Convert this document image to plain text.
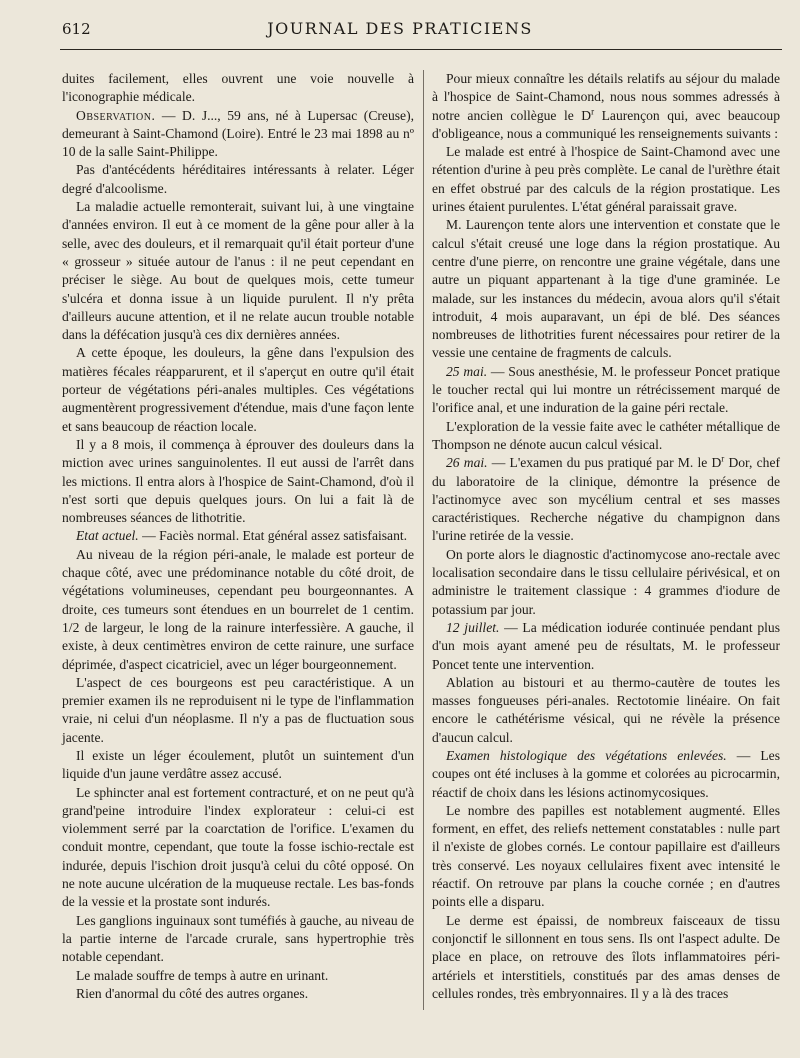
612	JOURNAL DES PRATICIENS

duites facilement, elles ouvrent une voie nouvelle à l'iconographie médicale.

Observation. — D. J..., 59 ans, né à Lupersac (Creuse), demeurant à Saint-Chamond (Loire). Entré le 23 mai 1898 au nº 10 de la salle Saint-Philippe.

Pas d'antécédents héréditaires intéressants à relater. Léger degré d'alcoolisme.

La maladie actuelle remonterait, suivant lui, à une vingtaine d'années environ. Il eut à ce moment de la gêne pour aller à la selle, avec des douleurs, et il remarquait qu'il était porteur d'une « grosseur » située autour de l'anus : il ne peut cependant en préciser le siège. Au bout de quelques mois, cette tumeur s'ulcéra et donna issue à un liquide purulent. Il n'y prêta d'ailleurs aucune attention, et il ne relate aucun trouble notable dans la défécation jusqu'à ces dix dernières années.

A cette époque, les douleurs, la gêne dans l'expulsion des matières fécales réapparurent, et il s'aperçut en outre qu'il était porteur de végétations péri-anales multiples. Ces végétations augmentèrent progressivement d'étendue, mais d'une façon lente et sans beaucoup de réaction locale.

Il y a 8 mois, il commença à éprouver des douleurs dans la miction avec urines sanguinolentes. Il eut aussi de l'arrêt dans les mictions. Il entra alors à l'hospice de Saint-Chamond, d'où il n'est sorti que depuis quelques jours. On lui a fait là de nombreuses séances de lithotritie.

Etat actuel. — Faciès normal. Etat général assez satisfaisant.

Au niveau de la région péri-anale, le malade est porteur de chaque côté, avec une prédominance notable du côté droit, de végétations volumineuses, cependant peu bourgeonnantes. A droite, ces tumeurs sont étendues en un bourrelet de 1 centim. 1/2 de largeur, le long de la rainure interfessière. A gauche, il existe, à deux centimètres environ de cette rainure, une surface déprimée, d'aspect cicatriciel, avec un léger bourgeonnement.

L'aspect de ces bourgeons est peu caractéristique. A un premier examen ils ne reproduisent ni le type de l'inflammation vraie, ni celui d'un néoplasme. Il n'y a pas de fluctuation sous jacente.

Il existe un léger écoulement, plutôt un suintement d'un liquide d'un jaune verdâtre assez accusé.

Le sphincter anal est fortement contracturé, et on ne peut qu'à grand'peine introduire l'index explorateur : celui-ci est violemment serré par la coarctation de l'orifice. L'examen du conduit montre, cependant, que toute la fosse ischio-rectale est indurée, depuis l'ischion droit jusqu'à celui du côté opposé. On ne note aucune ulcération de la muqueuse rectale. Les bas-fonds de la vessie et la prostate sont indurés.

Les ganglions inguinaux sont tuméfiés à gauche, au niveau de la partie interne de l'arcade crurale, sans hypertrophie très notable cependant.

Le malade souffre de temps à autre en urinant.

Rien d'anormal du côté des autres organes.

Pour mieux connaître les détails relatifs au séjour du malade à l'hospice de Saint-Chamond, nous nous sommes adressés à notre ancien collègue le $D^r$ Laurençon qui, avec beaucoup d'obligeance, nous a communiqué les renseignements suivants :

Le malade est entré à l'hospice de Saint-Chamond avec une rétention d'urine à peu près complète. Le canal de l'urèthre était en effet obstrué par des calculs de la région prostatique. Les urines étaient purulentes. L'état général paraissait grave.

M. Laurençon tente alors une intervention et constate que le calcul s'était creusé une loge dans la région prostatique. Au centre d'une pierre, on rencontre une graine végétale, dans une autre un piquant appartenant à la tige d'une graminée. Le malade, sur les instances du médecin, avoua alors qu'il s'était introduit, 4 mois auparavant, un épi de blé. Des séances nombreuses de lithotrities furent nécessaires pour retirer de la vessie une centaine de fragments de calculs.

25 mai. — Sous anesthésie, M. le professeur Poncet pratique le toucher rectal qui lui montre un rétrécissement marqué de l'orifice anal, et une induration de la gaine péri rectale.

L'exploration de la vessie faite avec le cathéter métallique de Thompson ne dénote aucun calcul vésical.

26 mai. — L'examen du pus pratiqué par M. le $D^r$ Dor, chef du laboratoire de la clinique, démontre la présence de l'actinomyce avec son mycélium central et ses masses caractéristiques. Recherche négative du champignon dans l'urine retirée de la vessie.

On porte alors le diagnostic d'actinomycose ano-rectale avec localisation secondaire dans le tissu cellulaire périvésical, et on administre le traitement classique : 4 grammes d'iodure de potassium par jour.

12 juillet. — La médication iodurée continuée pendant plus d'un mois ayant amené peu de résultats, M. le professeur Poncet tente une intervention.

Ablation au bistouri et au thermo-cautère de toutes les masses fongueuses péri-anales. Rectotomie linéaire. On fait encore le cathétérisme vésical, qui ne révèle la présence d'aucun calcul.

Examen histologique des végétations enlevées. — Les coupes ont été incluses à la gomme et colorées au picrocarmin, réactif de choix dans les lésions actinomycosiques.

Le nombre des papilles est notablement augmenté. Elles forment, en effet, des reliefs nettement constatables : nulle part il n'existe de globes cornés. Le contour papillaire est d'ailleurs très conservé. Les noyaux cellulaires fixent avec intensité le réactif. On retrouve par plans la couche cornée ; en d'autres points elle a disparu.

Le derme est épaissi, de nombreux faisceaux de tissu conjonctif le sillonnent en tous sens. Ils ont l'aspect adulte. De place en place, on retrouve des îlots inflammatoires péri-artériels et interstitiels, constitués par des amas denses de cellules rondes, très embryonnaires. Il y a là des traces
